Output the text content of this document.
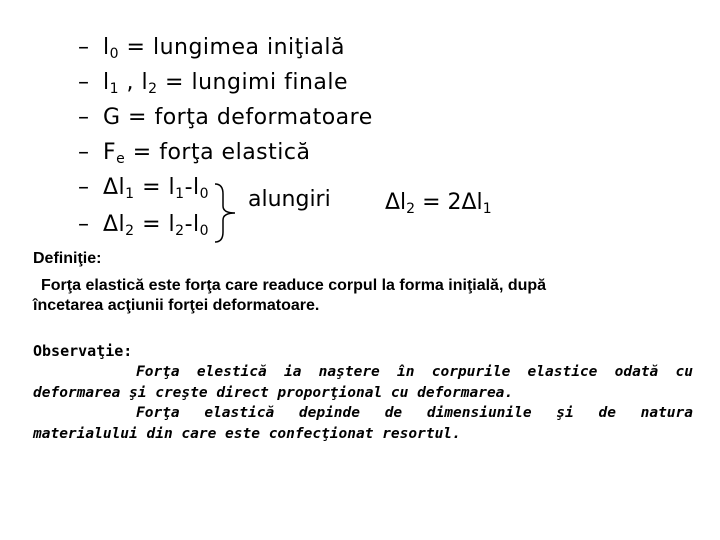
–
–
–
–
–
–
$l_0$ = lungimea iniţială
$l_1$ , $l_2$ = lungimi finale
G = forţa deformatoare
$F_e$ = forţa elastică
$\Delta l_1 = l_1-l_0$
$\Delta l_2 = l_2-l_0$
alungiri $\Delta l_2 = 2\Delta l_1$
Definiţie:
Forţa elastică este forţa care readuce corpul la forma iniţială, după
încetarea acţiunii forţei deformatoare.
Observaţie:
Forţa elestică ia naştere în corpurile elastice odată cu deformarea şi creşte direct proporţional cu deformarea.
Forţa elastică depinde de dimensiunile şi de natura materialului din care este confecţionat resortul.
